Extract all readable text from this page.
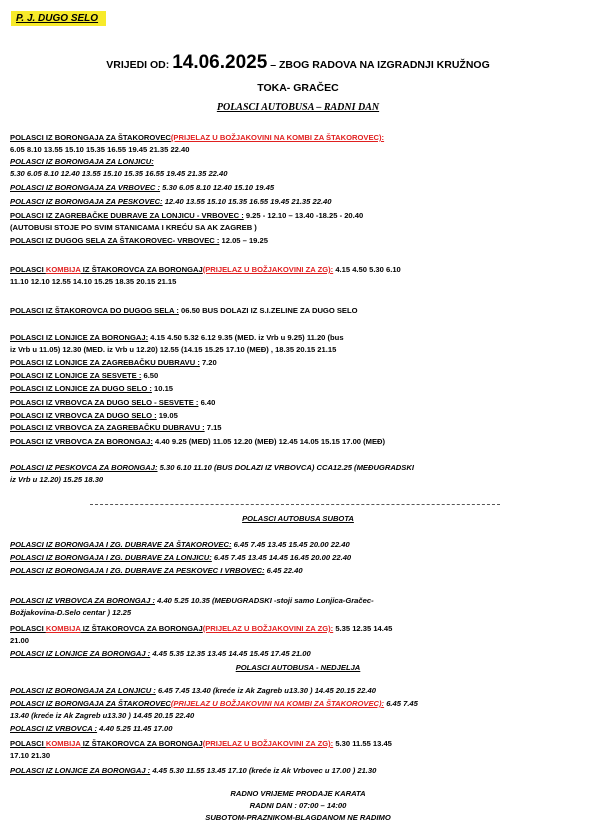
P. J. DUGO SELO
VRIJEDI OD: 14.06.2025 – ZBOG RADOVA NA IZGRADNJI KRUŽNOG
TOKA- GRAČEC
POLASCI AUTOBUSA – RADNI DAN
POLASCI IZ BORONGAJA ZA ŠTAKOROVEC(PRIJELAZ U BOŽJAKOVINI NA KOMBI ZA ŠTAKOROVEC):
6.05 8.10 13.55 15.10 15.35 16.55 19.45 21.35 22.40
POLASCI IZ BORONGAJA ZA LONJICU:
5.30 6.05 8.10 12.40 13.55 15.10 15.35 16.55 19.45 21.35 22.40
POLASCI IZ BORONGAJA ZA VRBOVEC : 5.30 6.05 8.10 12.40 15.10 19.45
POLASCI IZ BORONGAJA ZA PESKOVEC: 12.40 13.55 15.10 15.35 16.55 19.45 21.35 22.40
POLASCI IZ ZAGREBAČKE DUBRAVE ZA LONJICU - VRBOVEC : 9.25 - 12.10 – 13.40 -18.25 - 20.40
(AUTOBUSI STOJE PO SVIM STANICAMA I KREĆU SA AK ZAGREB )
POLASCI IZ DUGOG SELA ZA ŠTAKOROVEC- VRBOVEC : 12.05 – 19.25
POLASCI KOMBIJA IZ ŠTAKOROVCA ZA BORONGAJ(PRIJELAZ U BOŽJAKOVINI ZA ZG): 4.15 4.50 5.30 6.10
11.10 12.10 12.55 14.10 15.25 18.35 20.15 21.15
POLASCI IZ ŠTAKOROVCA DO DUGOG SELA : 06.50 BUS DOLAZI IZ S.I.ZELINE ZA DUGO SELO
POLASCI IZ LONJICE ZA BORONGAJ: 4.15 4.50 5.32 6.12 9.35 (MED. iz Vrb u 9.25) 11.20 (bus
iz Vrb u 11.05) 12.30 (MED. iz Vrb u 12.20) 12.55 (14.15 15.25 17.10 (MEĐ) , 18.35 20.15 21.15
POLASCI IZ LONJICE ZA ZAGREBAČKU DUBRAVU : 7.20
POLASCI IZ LONJICE ZA SESVETE : 6.50
POLASCI IZ LONJICE ZA DUGO SELO : 10.15
POLASCI IZ VRBOVCA ZA DUGO SELO - SESVETE : 6.40
POLASCI IZ VRBOVCA ZA DUGO SELO : 19.05
POLASCI IZ VRBOVCA ZA ZAGREBAČKU DUBRAVU : 7.15
POLASCI IZ VRBOVCA ZA BORONGAJ: 4.40 9.25 (MED) 11.05 12.20 (MEĐ) 12.45 14.05 15.15 17.00 (MEĐ)
POLASCI IZ PESKOVCA ZA BORONGAJ: 5.30 6.10 11.10 (BUS DOLAZI IZ VRBOVCA) CCA12.25 (MEĐUGRADSKI
iz Vrb u 12.20) 15.25 18.30
POLASCI AUTOBUSA SUBOTA
POLASCI IZ BORONGAJA I ZG. DUBRAVE ZA ŠTAKOROVEC: 6.45 7.45 13.45 15.45 20.00 22.40
POLASCI IZ BORONGAJA I ZG. DUBRAVE ZA LONJICU: 6.45 7.45 13.45 14.45 16.45 20.00 22.40
POLASCI IZ BORONGAJA I ZG. DUBRAVE ZA PESKOVEC I VRBOVEC: 6.45 22.40
POLASCI IZ VRBOVCA ZA BORONGAJ : 4.40 5.25 10.35 (MEĐUGRADSKI -stoji samo Lonjica-Gračec-
Božjakovina-D.Selo centar ) 12.25
POLASCI KOMBIJA IZ ŠTAKOROVCA ZA BORONGAJ(PRIJELAZ U BOŽJAKOVINI ZA ZG): 5.35 12.35 14.45
21.00
POLASCI IZ LONJICE ZA BORONGAJ : 4.45 5.35 12.35 13.45 14.45 15.45 17.45 21.00
POLASCI AUTOBUSA - NEDJELJA
POLASCI IZ BORONGAJA ZA LONJICU : 6.45 7.45 13.40 (kreće iz Ak Zagreb u13.30 ) 14.45 20.15 22.40
POLASCI IZ BORONGAJA ZA ŠTAKOROVEC(PRIJELAZ U BOŽJAKOVINI NA KOMBI ZA ŠTAKOROVEC): 6.45 7.45
13.40 (kreće iz Ak Zagreb u13.30 ) 14.45 20.15 22.40
POLASCI IZ VRBOVCA : 4.40 5.25 11.45 17.00
POLASCI KOMBIJA IZ ŠTAKOROVCA ZA BORONGAJ(PRIJELAZ U BOŽJAKOVINI ZA ZG): 5.30 11.55 13.45
17.10 21.30
POLASCI IZ LONJICE ZA BORONGAJ : 4.45 5.30 11.55 13.45 17.10 (kreće iz Ak Vrbovec u 17.00 ) 21.30
RADNO VRIJEME PRODAJE KARATA
RADNI DAN : 07:00 – 14:00
SUBOTOM-PRAZNIKOM-BLAGDANOM NE RADIMO
